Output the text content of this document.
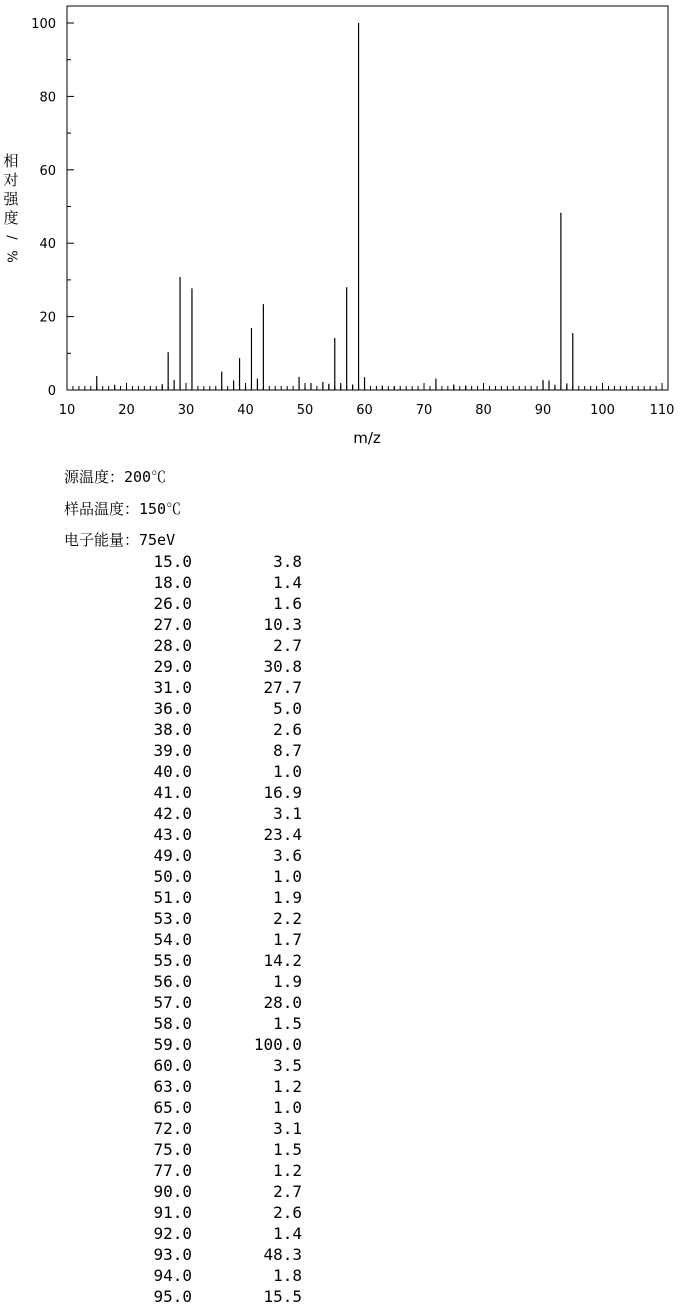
0
20
40
60
80
100
10	20	30	40	50	60	70	80	90	100	110
m/z
相
对
强
度
/
%
源温度：200℃
样品温度：150℃
电子能量：75eV
15.0	3.8
18.0	1.4
26.0	1.6
27.0	10.3
28.0	2.7
29.0	30.8
31.0	27.7
36.0	5.0
38.0	2.6
39.0	8.7
40.0	1.0
41.0	16.9
42.0	3.1
43.0	23.4
49.0	3.6
50.0	1.0
51.0	1.9
53.0	2.2
54.0	1.7
55.0	14.2
56.0	1.9
57.0	28.0
58.0	1.5
59.0	100.0
60.0	3.5
63.0	1.2
65.0	1.0
72.0	3.1
75.0	1.5
77.0	1.2
90.0	2.7
91.0	2.6
92.0	1.4
93.0	48.3
94.0	1.8
95.0	15.5
